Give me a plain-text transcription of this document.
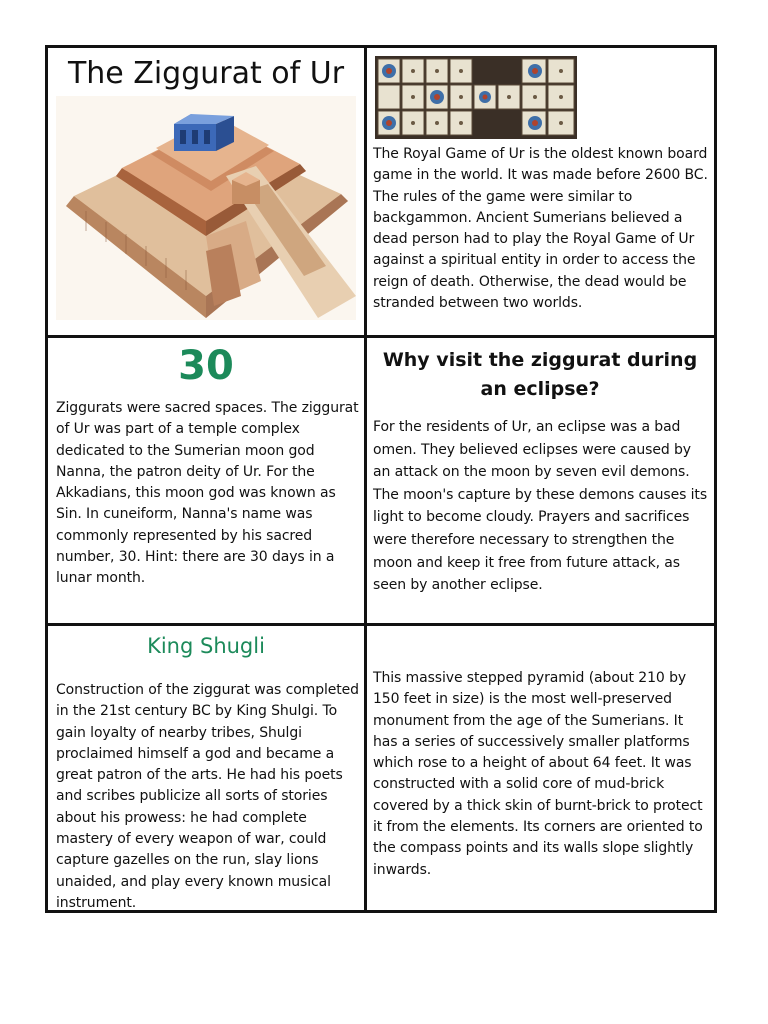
The Ziggurat of Ur
The Royal Game of Ur is the oldest known board game in the world. It was made before 2600 BC. The rules of the game were similar to backgammon. Ancient Sumerians believed a dead person had to play the Royal Game of Ur against a spiritual entity in order to access the reign of death. Otherwise, the dead would be stranded between two worlds.
30
Ziggurats were sacred spaces. The ziggurat of Ur was part of a temple complex dedicated to the Sumerian moon god Nanna, the patron deity of Ur. For the Akkadians, this moon god was known as Sin. In cuneiform, Nanna's name was commonly represented by his sacred number, 30. Hint: there are 30 days in a lunar month.
Why visit the ziggurat during an eclipse?
For the residents of Ur, an eclipse was a bad omen. They believed eclipses were caused by an attack on the moon by seven evil demons. The moon's capture by these demons causes its light to become cloudy. Prayers and sacrifices were therefore necessary to strengthen the moon and keep it free from future attack, as seen by another eclipse.
King Shugli
Construction of the ziggurat was completed in the 21st century BC by King Shulgi. To gain loyalty of nearby tribes, Shulgi proclaimed himself a god and became a great patron of the arts. He had his poets and scribes publicize all sorts of stories about his prowess: he had complete mastery of every weapon of war, could capture gazelles on the run, slay lions unaided, and play every known musical instrument.
This massive stepped pyramid (about 210 by 150 feet in size) is the most well-preserved monument from the age of the Sumerians. It has a series of successively smaller platforms which rose to a height of about 64 feet. It was constructed with a solid core of mud-brick covered by a thick skin of burnt-brick to protect it from the elements. Its corners are oriented to the compass points and its walls slope slightly inwards.
